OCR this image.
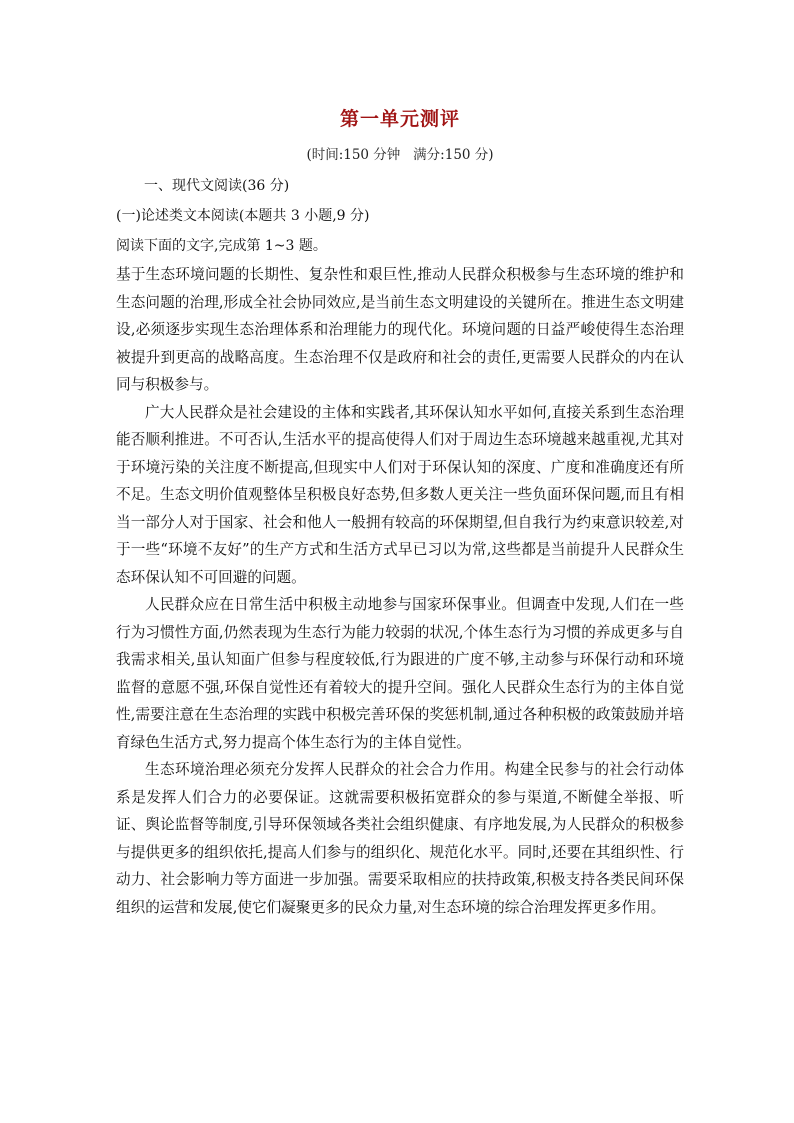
第一单元测评
(时间:150 分钟   满分:150 分)
一、现代文阅读(36 分)
(一)论述类文本阅读(本题共 3 小题,9 分)
阅读下面的文字,完成第 1~3 题。

基于生态环境问题的长期性、复杂性和艰巨性,推动人民群众积极参与生态环境的维护和生态问题的治理,形成全社会协同效应,是当前生态文明建设的关键所在。推进生态文明建设,必须逐步实现生态治理体系和治理能力的现代化。环境问题的日益严峻使得生态治理被提升到更高的战略高度。生态治理不仅是政府和社会的责任,更需要人民群众的内在认同与积极参与。

广大人民群众是社会建设的主体和实践者,其环保认知水平如何,直接关系到生态治理能否顺利推进。不可否认,生活水平的提高使得人们对于周边生态环境越来越重视,尤其对于环境污染的关注度不断提高,但现实中人们对于环保认知的深度、广度和准确度还有所不足。生态文明价值观整体呈积极良好态势,但多数人更关注一些负面环保问题,而且有相当一部分人对于国家、社会和他人一般拥有较高的环保期望,但自我行为约束意识较差,对于一些“环境不友好”的生产方式和生活方式早已习以为常,这些都是当前提升人民群众生态环保认知不可回避的问题。

人民群众应在日常生活中积极主动地参与国家环保事业。但调查中发现,人们在一些行为习惯性方面,仍然表现为生态行为能力较弱的状况,个体生态行为习惯的养成更多与自我需求相关,虽认知面广但参与程度较低,行为跟进的广度不够,主动参与环保行动和环境监督的意愿不强,环保自觉性还有着较大的提升空间。强化人民群众生态行为的主体自觉性,需要注意在生态治理的实践中积极完善环保的奖惩机制,通过各种积极的政策鼓励并培育绿色生活方式,努力提高个体生态行为的主体自觉性。

生态环境治理必须充分发挥人民群众的社会合力作用。构建全民参与的社会行动体系是发挥人们合力的必要保证。这就需要积极拓宽群众的参与渠道,不断健全举报、听证、舆论监督等制度,引导环保领域各类社会组织健康、有序地发展,为人民群众的积极参与提供更多的组织依托,提高人们参与的组织化、规范化水平。同时,还要在其组织性、行动力、社会影响力等方面进一步加强。需要采取相应的扶持政策,积极支持各类民间环保组织的运营和发展,使它们凝聚更多的民众力量,对生态环境的综合治理发挥更多作用。
